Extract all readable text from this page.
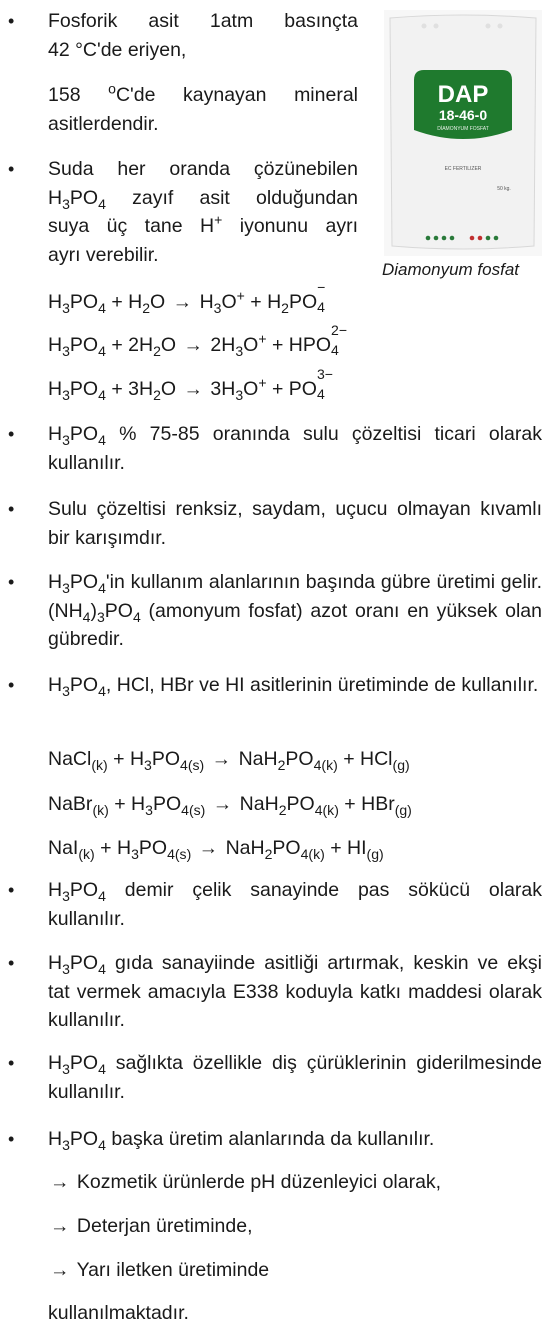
DAP
18-46-0
DİAMONYUM FOSFAT
EC FERTILIZER
50 kg.
Diamonyum fosfat
• Fosforik asit 1atm basınçta
42 °C'de eriyen,
158 $^o$C'de kaynayan mineral
asitlerdendir.
• Suda her oranda çözünebilen
$H_3PO_4$ zayıf asit olduğundan
suya üç tane H+ iyonunu ayrı
ayrı verebilir.
$H_3PO_4 + H_2O \to H_3O^+ + H_2PO$
−
4
$H_3PO_4 + 2H_2O \to 2H_3O^+$ + HPO
2−
4
$H_3PO_4 + 3H_2O \to 3H_3O^+$ + PO
3−
4
• $H_3PO_4$ % 75-85 oranında sulu çözeltisi ticari olarak kullanılır.
• Sulu çözeltisi renksiz, saydam, uçucu olmayan kıvamlı bir karışımdır.
• $H_3PO_4'in$ kullanım alanlarının başında gübre üretimi gelir. $(NH_4)_3PO_4$ (amonyum fosfat) azot oranı en yüksek olan gübredir.
• $H_3PO_4$, HCl, HBr ve HI asitlerinin üretiminde de kullanılır.
NaCl$_{(k)}$ + $H_3PO_{4(s)} \to NaH_2PO_{4(k)} + HCl_{(g)}$
NaBr$_{(k)}$ + $H_3PO_{4(s)} \to NaH_2PO_{4(k)} + HBr_{(g)}$
$NaI_{(k)} + H_3PO_{4(s)} \to NaH_2PO_{4(k)} + HI_{(g)}$
• $H_3PO_4$ demir çelik sanayinde pas sökücü olarak kullanılır.
• $H_3PO_4$ gıda sanayiinde asitliği artırmak, keskin ve ekşi tat vermek amacıyla E338 koduyla katkı maddesi olarak kullanılır.
• $H_3PO_4$ sağlıkta özellikle diş çürüklerinin giderilmesinde kullanılır.
• $H_3PO_4$ başka üretim alanlarında da kullanılır.
→ Kozmetik ürünlerde pH düzenleyici olarak,
→ Deterjan üretiminde,
→ Yarı iletken üretiminde
kullanılmaktadır.
